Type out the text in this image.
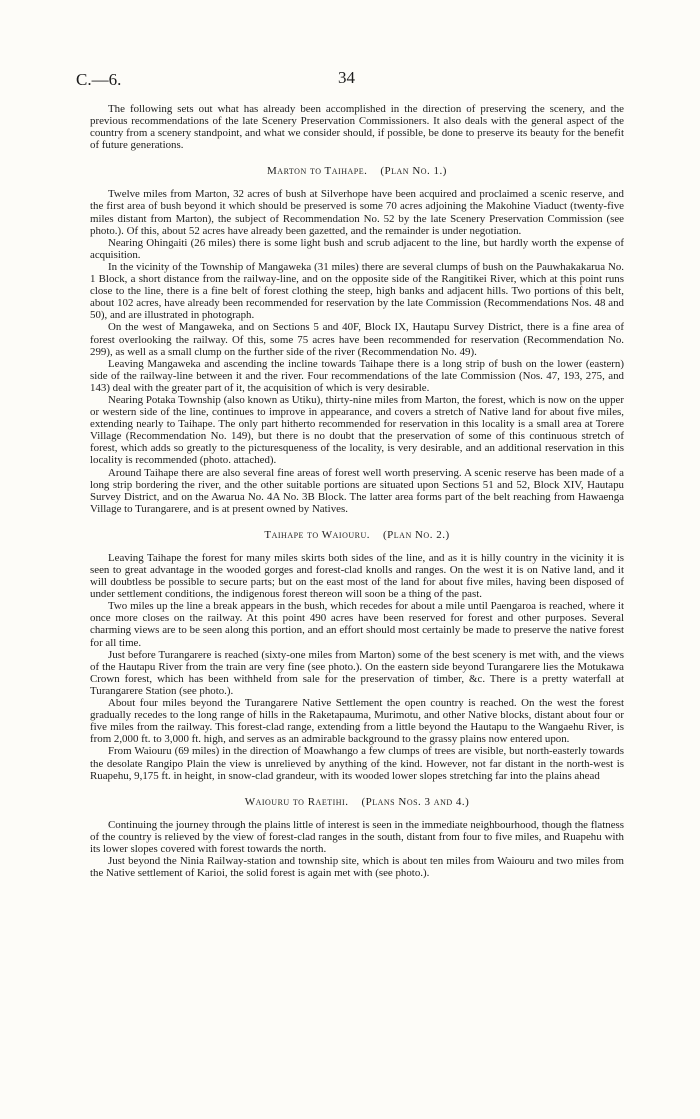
C.—6.	34

The following sets out what has already been accomplished in the direction of preserving the scenery, and the previous recommendations of the late Scenery Preservation Commissioners. It also deals with the general aspect of the country from a scenery standpoint, and what we consider should, if possible, be done to preserve its beauty for the benefit of future generations.

Marton to Taihape. (Plan No. 1.)

Twelve miles from Marton, 32 acres of bush at Silverhope have been acquired and proclaimed a scenic reserve, and the first area of bush beyond it which should be preserved is some 70 acres adjoining the Makohine Viaduct (twenty-five miles distant from Marton), the subject of Recommendation No. 52 by the late Scenery Preservation Commission (see photo.). Of this, about 52 acres have already been gazetted, and the remainder is under negotiation.

Nearing Ohingaiti (26 miles) there is some light bush and scrub adjacent to the line, but hardly worth the expense of acquisition.

In the vicinity of the Township of Mangaweka (31 miles) there are several clumps of bush on the Pauwhakakarua No. 1 Block, a short distance from the railway-line, and on the opposite side of the Rangitikei River, which at this point runs close to the line, there is a fine belt of forest clothing the steep, high banks and adjacent hills. Two portions of this belt, about 102 acres, have already been recommended for reservation by the late Commission (Recommendations Nos. 48 and 50), and are illustrated in photograph.

On the west of Mangaweka, and on Sections 5 and 40F, Block IX, Hautapu Survey District, there is a fine area of forest overlooking the railway. Of this, some 75 acres have been recommended for reservation (Recommendation No. 299), as well as a small clump on the further side of the river (Recommendation No. 49).

Leaving Mangaweka and ascending the incline towards Taihape there is a long strip of bush on the lower (eastern) side of the railway-line between it and the river. Four recommendations of the late Commission (Nos. 47, 193, 275, and 143) deal with the greater part of it, the acquisition of which is very desirable.

Nearing Potaka Township (also known as Utiku), thirty-nine miles from Marton, the forest, which is now on the upper or western side of the line, continues to improve in appearance, and covers a stretch of Native land for about five miles, extending nearly to Taihape. The only part hitherto recommended for reservation in this locality is a small area at Torere Village (Recommendation No. 149), but there is no doubt that the preservation of some of this continuous stretch of forest, which adds so greatly to the picturesqueness of the locality, is very desirable, and an additional reservation in this locality is recommended (photo. attached).

Around Taihape there are also several fine areas of forest well worth preserving. A scenic reserve has been made of a long strip bordering the river, and the other suitable portions are situated upon Sections 51 and 52, Block XIV, Hautapu Survey District, and on the Awarua No. 4A No. 3B Block. The latter area forms part of the belt reaching from Hawaenga Village to Turangarere, and is at present owned by Natives.

Taihape to Waiouru. (Plan No. 2.)

Leaving Taihape the forest for many miles skirts both sides of the line, and as it is hilly country in the vicinity it is seen to great advantage in the wooded gorges and forest-clad knolls and ranges. On the west it is on Native land, and it will doubtless be possible to secure parts; but on the east most of the land for about five miles, having been disposed of under settlement conditions, the indigenous forest thereon will soon be a thing of the past.

Two miles up the line a break appears in the bush, which recedes for about a mile until Paengaroa is reached, where it once more closes on the railway. At this point 490 acres have been reserved for forest and other purposes. Several charming views are to be seen along this portion, and an effort should most certainly be made to preserve the native forest for all time.

Just before Turangarere is reached (sixty-one miles from Marton) some of the best scenery is met with, and the views of the Hautapu River from the train are very fine (see photo.). On the eastern side beyond Turangarere lies the Motukawa Crown forest, which has been withheld from sale for the preservation of timber, &c. There is a pretty waterfall at Turangarere Station (see photo.).

About four miles beyond the Turangarere Native Settlement the open country is reached. On the west the forest gradually recedes to the long range of hills in the Raketapauma, Murimotu, and other Native blocks, distant about four or five miles from the railway. This forest-clad range, extending from a little beyond the Hautapu to the Wangaehu River, is from 2,000 ft. to 3,000 ft. high, and serves as an admirable background to the grassy plains now entered upon.

From Waiouru (69 miles) in the direction of Moawhango a few clumps of trees are visible, but north-easterly towards the desolate Rangipo Plain the view is unrelieved by anything of the kind. However, not far distant in the north-west is Ruapehu, 9,175 ft. in height, in snow-clad grandeur, with its wooded lower slopes stretching far into the plains ahead

Waiouru to Raetihi. (Plans Nos. 3 and 4.)

Continuing the journey through the plains little of interest is seen in the immediate neighbourhood, though the flatness of the country is relieved by the view of forest-clad ranges in the south, distant from four to five miles, and Ruapehu with its lower slopes covered with forest towards the north.

Just beyond the Ninia Railway-station and township site, which is about ten miles from Waiouru and two miles from the Native settlement of Karioi, the solid forest is again met with (see photo.).
